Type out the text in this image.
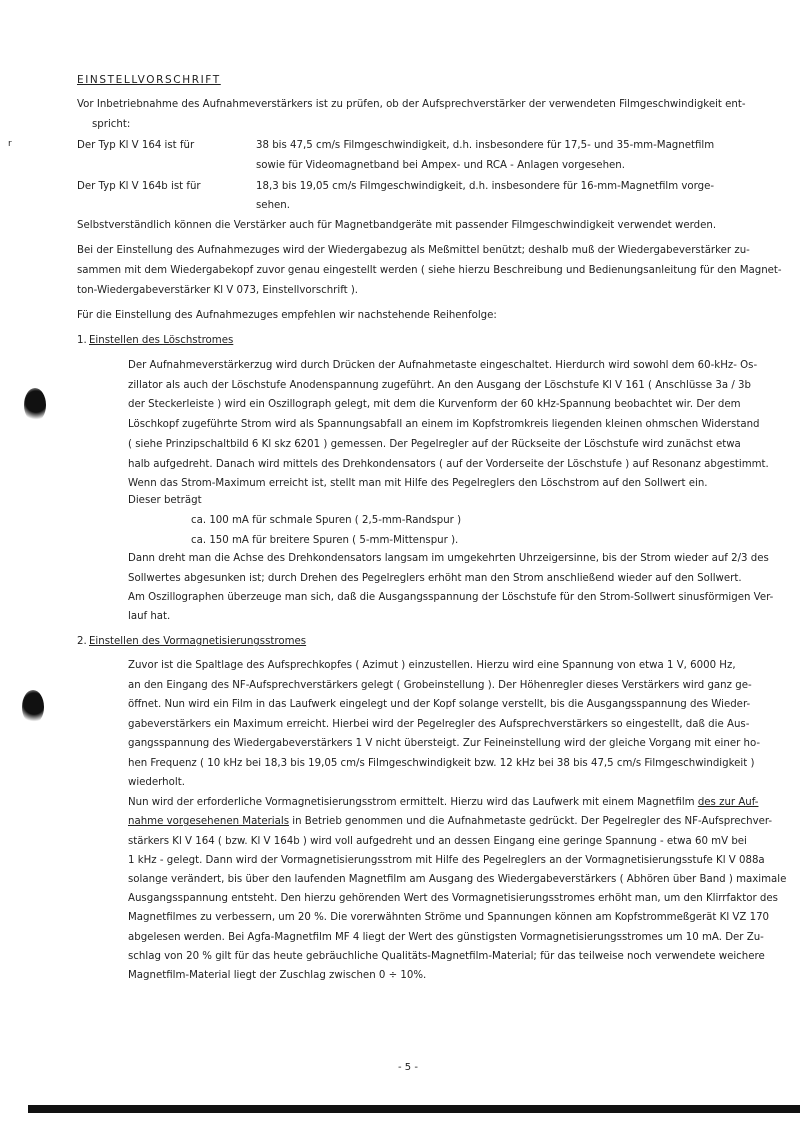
EINSTELLVORSCHRIFT
Vor Inbetriebnahme des Aufnahmeverstärkers ist zu prüfen, ob der Aufsprechverstärker der verwendeten Filmgeschwindigkeit ent-
spricht:
Der Typ Kl V 164 ist für	38 bis 47,5 cm/s Filmgeschwindigkeit, d.h. insbesondere für 17,5- und 35-mm-Magnetfilm
sowie für Videomagnetband bei Ampex- und RCA - Anlagen vorgesehen.
Der Typ Kl V 164b ist für	18,3 bis 19,05 cm/s Filmgeschwindigkeit, d.h. insbesondere für 16-mm-Magnetfilm vorge-
sehen.
Selbstverständlich können die Verstärker auch für Magnetbandgeräte mit passender Filmgeschwindigkeit verwendet werden.
Bei der Einstellung des Aufnahmezuges wird der Wiedergabezug als Meßmittel benützt; deshalb muß der Wiedergabeverstärker zu-
sammen mit dem Wiedergabekopf zuvor genau eingestellt werden ( siehe hierzu Beschreibung und Bedienungsanleitung für den Magnet-
ton-Wiedergabeverstärker Kl V 073, Einstellvorschrift ).
Für die Einstellung des Aufnahmezuges empfehlen wir nachstehende Reihenfolge:
1. Einstellen des Löschstromes
Der Aufnahmeverstärkerzug wird durch Drücken der Aufnahmetaste eingeschaltet. Hierdurch wird sowohl dem 60-kHz- Os-
zillator als auch der Löschstufe Anodenspannung zugeführt. An den Ausgang der Löschstufe Kl V 161 ( Anschlüsse 3a / 3b
der Steckerleiste ) wird ein Oszillograph gelegt, mit dem die Kurvenform der 60 kHz-Spannung beobachtet wir. Der dem
Löschkopf zugeführte Strom wird als Spannungsabfall an einem im Kopfstromkreis liegenden kleinen ohmschen Widerstand
( siehe Prinzipschaltbild 6 Kl skz 6201 ) gemessen. Der Pegelregler auf der Rückseite der Löschstufe wird zunächst etwa
halb aufgedreht. Danach wird mittels des Drehkondensators ( auf der Vorderseite der Löschstufe ) auf Resonanz abgestimmt.
Wenn das Strom-Maximum erreicht ist, stellt man mit Hilfe des Pegelreglers den Löschstrom auf den Sollwert ein.
Dieser beträgt
ca. 100 mA für schmale Spuren ( 2,5-mm-Randspur )
ca. 150 mA für breitere Spuren ( 5-mm-Mittenspur ).
Dann dreht man die Achse des Drehkondensators langsam im umgekehrten Uhrzeigersinne, bis der Strom wieder auf 2/3 des
Sollwertes abgesunken ist; durch Drehen des Pegelreglers erhöht man den Strom anschließend wieder auf den Sollwert.
Am Oszillographen überzeuge man sich, daß die Ausgangsspannung der Löschstufe für den Strom-Sollwert sinusförmigen Ver-
lauf hat.
2. Einstellen des Vormagnetisierungsstromes
Zuvor ist die Spaltlage des Aufsprechkopfes ( Azimut ) einzustellen. Hierzu wird eine Spannung von etwa 1 V, 6000 Hz,
an den Eingang des NF-Aufsprechverstärkers gelegt ( Grobeinstellung ). Der Höhenregler dieses Verstärkers wird ganz ge-
öffnet. Nun wird ein Film in das Laufwerk eingelegt und der Kopf solange verstellt, bis die Ausgangsspannung des Wieder-
gabeverstärkers ein Maximum erreicht. Hierbei wird der Pegelregler des Aufsprechverstärkers so eingestellt, daß die Aus-
gangsspannung des Wiedergabeverstärkers 1 V nicht übersteigt. Zur Feineinstellung wird der gleiche Vorgang mit einer ho-
hen Frequenz ( 10 kHz bei 18,3 bis 19,05 cm/s Filmgeschwindigkeit bzw. 12 kHz bei 38 bis 47,5 cm/s Filmgeschwindigkeit )
wiederholt.
Nun wird der erforderliche Vormagnetisierungsstrom ermittelt. Hierzu wird das Laufwerk mit einem Magnetfilm des zur Auf-
nahme vorgesehenen Materials in Betrieb genommen und die Aufnahmetaste gedrückt. Der Pegelregler des NF-Aufsprechver-
stärkers Kl V 164 ( bzw. Kl V 164b ) wird voll aufgedreht und an dessen Eingang eine geringe Spannung - etwa 60 mV bei
1 kHz - gelegt. Dann wird der Vormagnetisierungsstrom mit Hilfe des Pegelreglers an der Vormagnetisierungsstufe Kl V 088a
solange verändert, bis über den laufenden Magnetfilm am Ausgang des Wiedergabeverstärkers ( Abhören über Band ) maximale
Ausgangsspannung entsteht. Den hierzu gehörenden Wert des Vormagnetisierungsstromes erhöht man, um den Klirrfaktor des
Magnetfilmes zu verbessern, um 20 %. Die vorerwähnten Ströme und Spannungen können am Kopfstrommeßgerät Kl VZ 170
abgelesen werden. Bei Agfa-Magnetfilm MF 4 liegt der Wert des günstigsten Vormagnetisierungsstromes um 10 mA. Der Zu-
schlag von 20 % gilt für das heute gebräuchliche Qualitäts-Magnetfilm-Material; für das teilweise noch verwendete weichere
Magnetfilm-Material liegt der Zuschlag zwischen 0 ÷ 10%.
r
- 5 -
